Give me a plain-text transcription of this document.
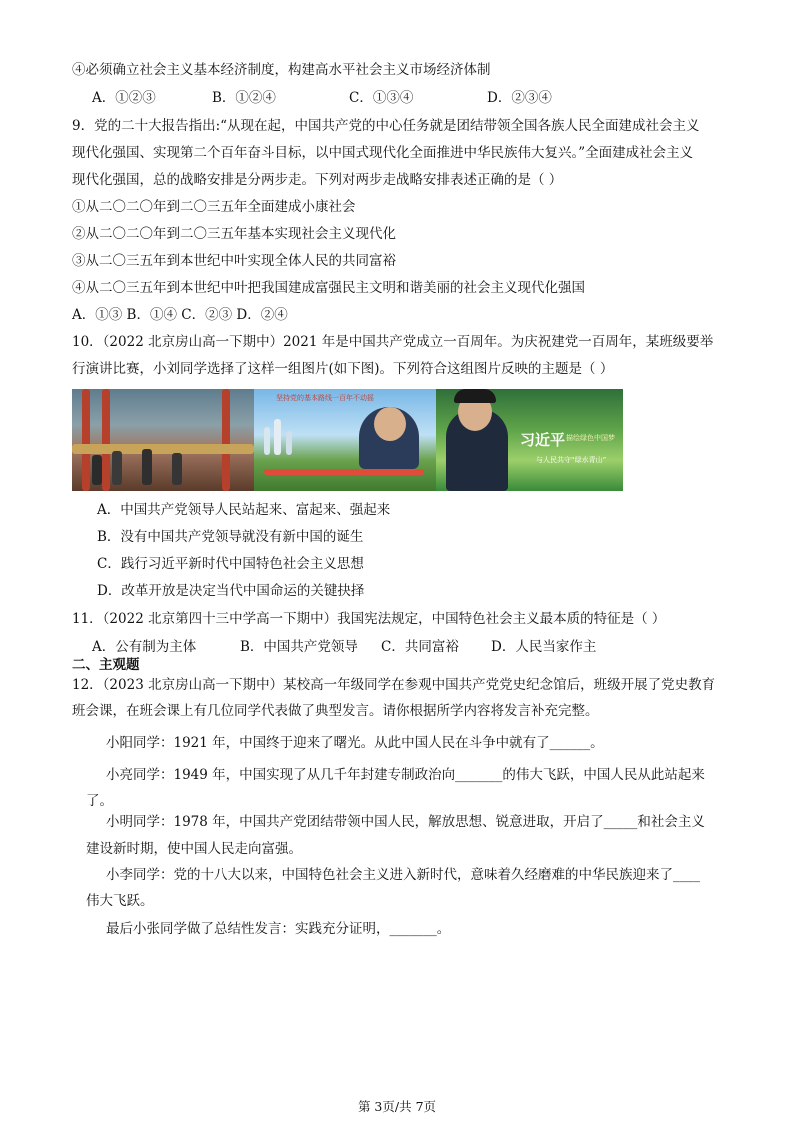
④必须确立社会主义基本经济制度，构建高水平社会主义市场经济体制
A．①②③	B．①②④	C．①③④	D．②③④
9．党的二十大报告指出:“从现在起，中国共产党的中心任务就是团结带领全国各族人民全面建成社会主义
现代化强国、实现第二个百年奋斗目标，以中国式现代化全面推进中华民族伟大复兴。”全面建成社会主义
现代化强国，总的战略安排是分两步走。下列对两步走战略安排表述正确的是（ ）
①从二〇二〇年到二〇三五年全面建成小康社会
②从二〇二〇年到二〇三五年基本实现社会主义现代化
③从二〇三五年到本世纪中叶实现全体人民的共同富裕
④从二〇三五年到本世纪中叶把我国建成富强民主文明和谐美丽的社会主义现代化强国
A．①③ B．①④ C．②③ D．②④
10．（2022 北京房山高一下期中）2021 年是中国共产党成立一百周年。为庆祝建党一百周年，某班级要举
行演讲比赛，小刘同学选择了这样一组图片(如下图)。下列符合这组图片反映的主题是（ ）
坚持党的基本路线一百年不动摇
习近平 描绘绿色中国梦
与人民共守“绿水青山”
A．中国共产党领导人民站起来、富起来、强起来
B．没有中国共产党领导就没有新中国的诞生
C．践行习近平新时代中国特色社会主义思想
D．改革开放是决定当代中国命运的关键抉择
11．（2022 北京第四十三中学高一下期中）我国宪法规定，中国特色社会主义最本质的特征是（ ）
A．公有制为主体	B．中国共产党领导 C．共同富裕 D．人民当家作主
二、主观题
12．（2023 北京房山高一下期中）某校高一年级同学在参观中国共产党党史纪念馆后，班级开展了党史教育
班会课，在班会课上有几位同学代表做了典型发言。请你根据所学内容将发言补充完整。
小阳同学：1921 年，中国终于迎来了曙光。从此中国人民在斗争中就有了______。
小亮同学：1949 年，中国实现了从几千年封建专制政治向_______的伟大飞跃，中国人民从此站起来
了。
小明同学：1978 年，中国共产党团结带领中国人民，解放思想、锐意进取，开启了_____和社会主义
建设新时期，使中国人民走向富强。
小李同学：党的十八大以来，中国特色社会主义进入新时代，意味着久经磨难的中华民族迎来了____
伟大飞跃。
最后小张同学做了总结性发言：实践充分证明，_______。
第 3页/共 7页
